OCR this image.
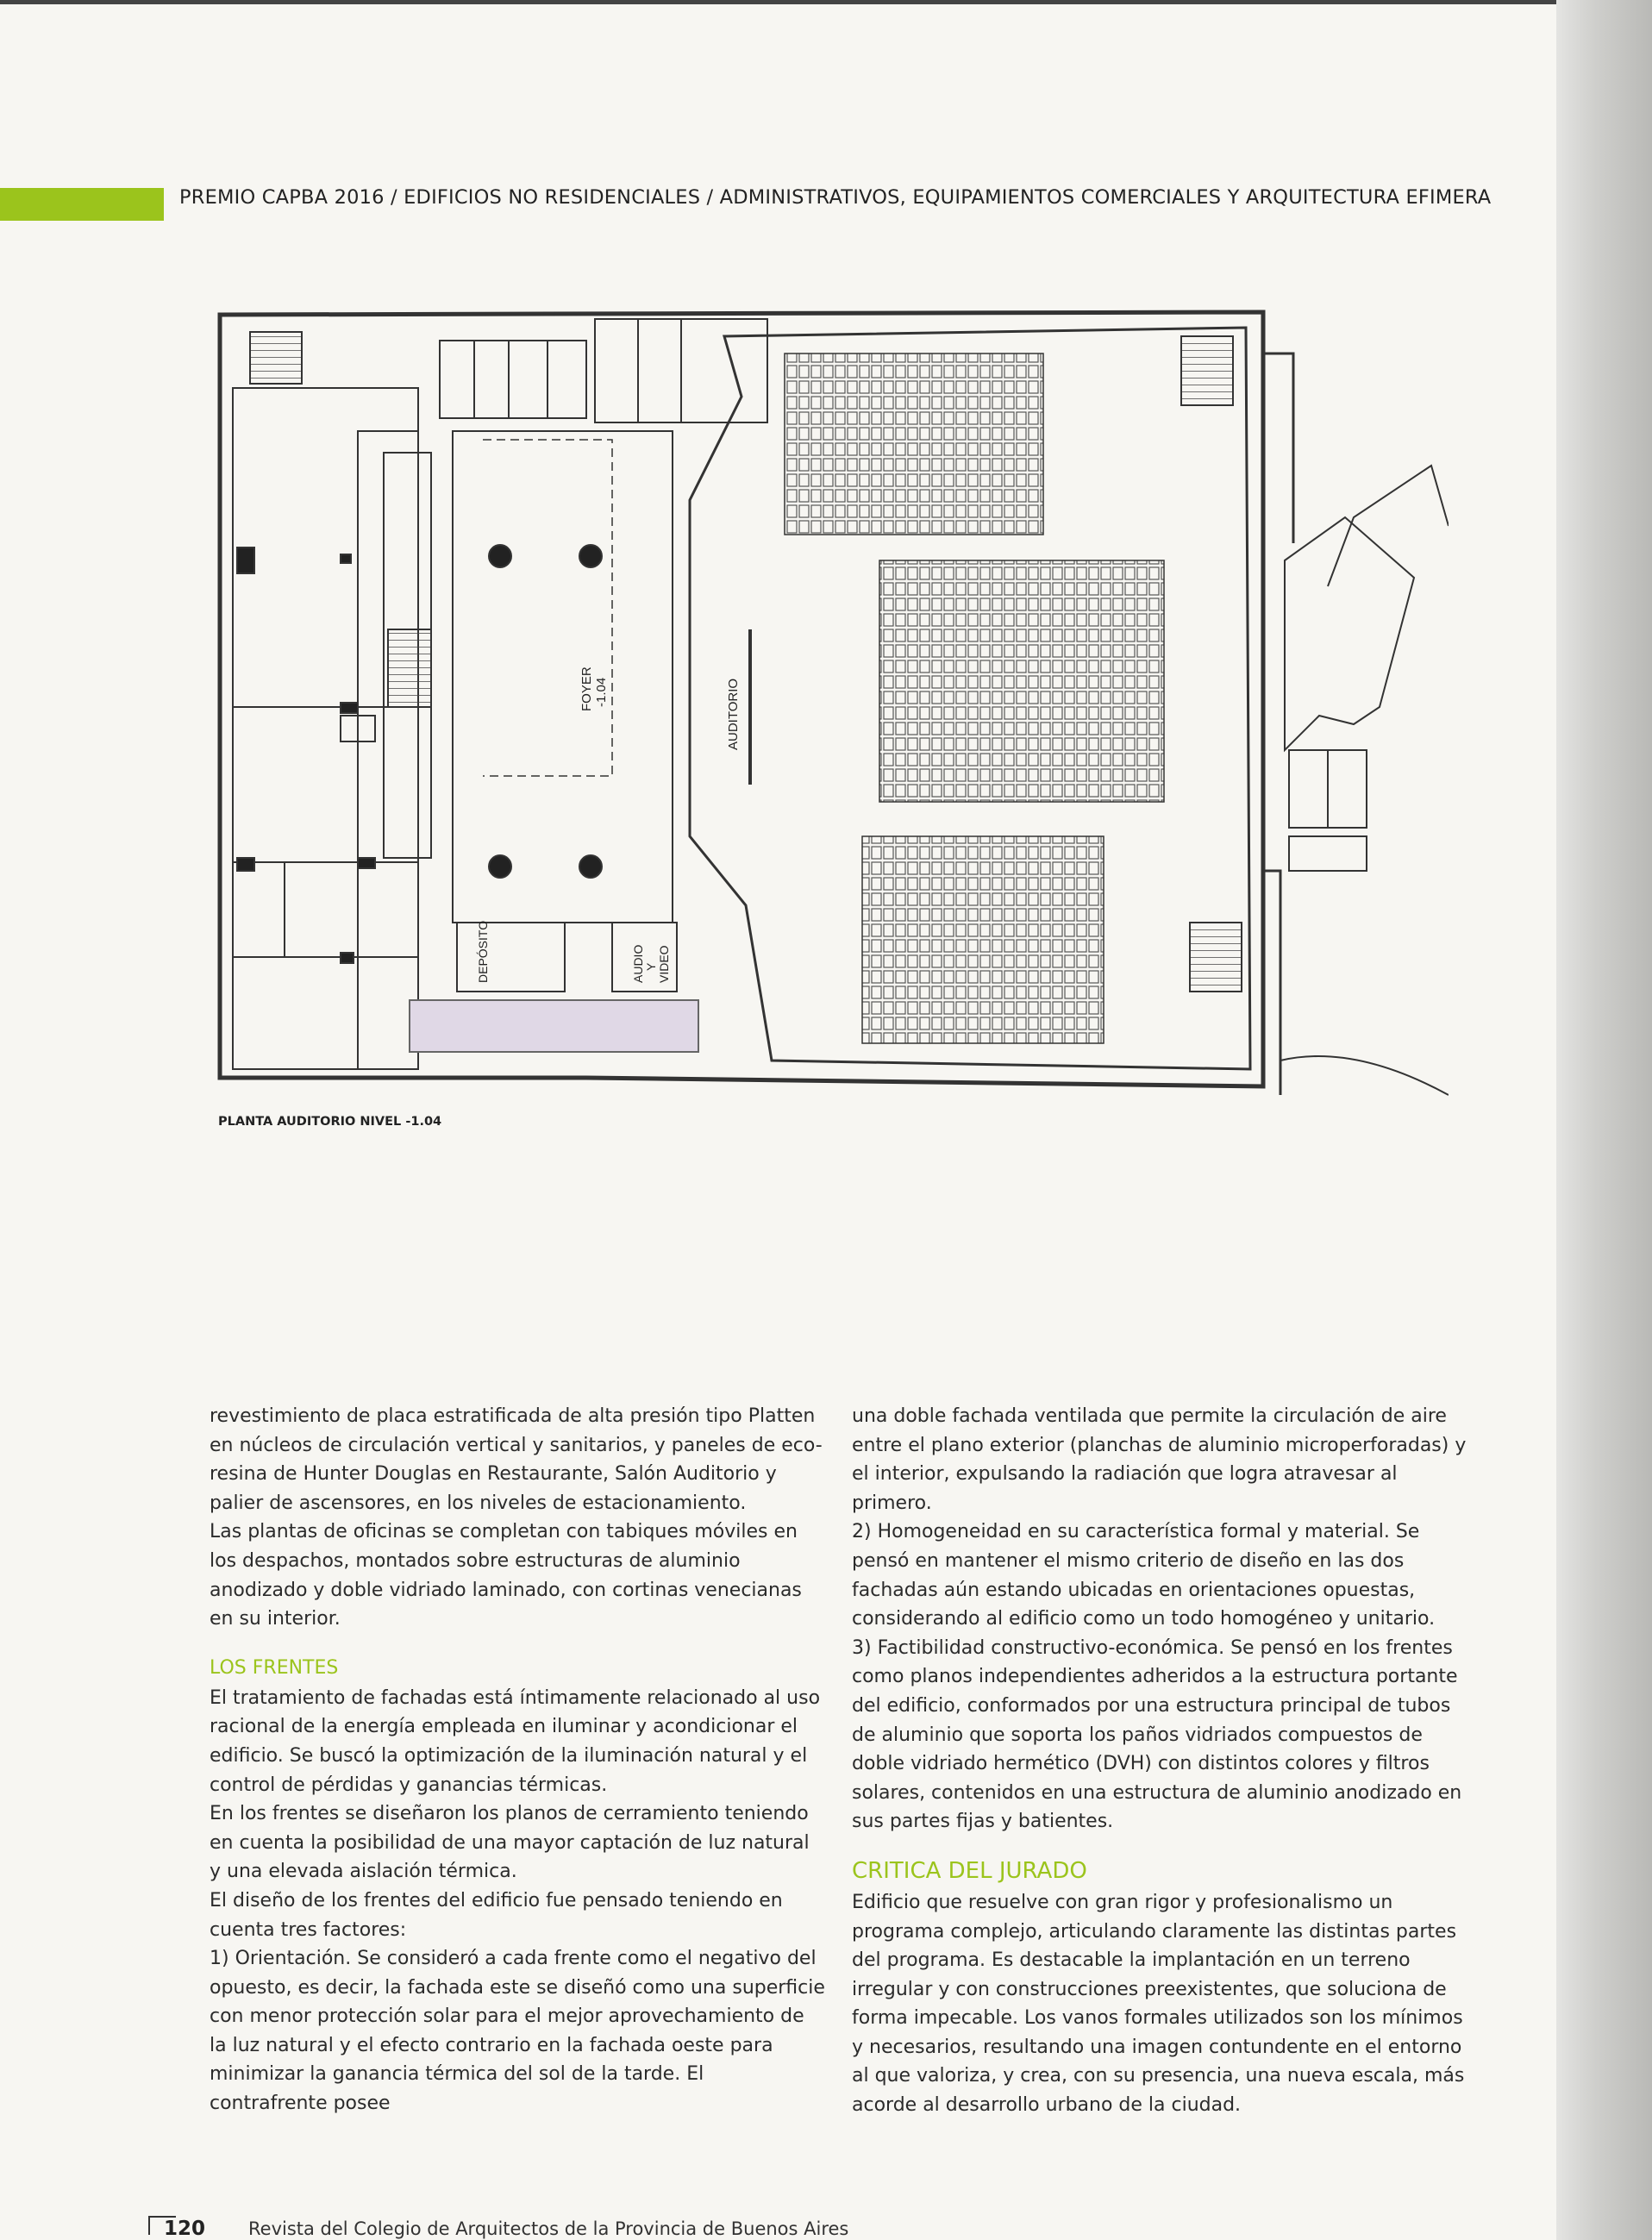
PREMIO CAPBA 2016 / EDIFICIOS NO RESIDENCIALES / ADMINISTRATIVOS, EQUIPAMIENTOS COMERCIALES Y ARQUITECTURA EFIMERA
FOYER -1.04
DEPÓSITO	AUDIO Y VIDEO
AUDITORIO
PLANTA AUDITORIO NIVEL -1.04

revestimiento de placa estratificada de alta presión tipo Platten en núcleos de circulación vertical y sanitarios, y paneles de eco-resina de Hunter Douglas en Restaurante, Salón Auditorio y palier de ascensores, en los niveles de estacionamiento.

Las plantas de oficinas se completan con tabiques móviles en los despachos, montados sobre estructuras de aluminio anodizado y doble vidriado laminado, con cortinas venecianas en su interior.

LOS FRENTES

El tratamiento de fachadas está íntimamente relacionado al uso racional de la energía empleada en iluminar y acondicionar el edificio. Se buscó la optimización de la iluminación natural y el control de pérdidas y ganancias térmicas.

En los frentes se diseñaron los planos de cerramiento teniendo en cuenta la posibilidad de una mayor captación de luz natural y una elevada aislación térmica.

El diseño de los frentes del edificio fue pensado teniendo en cuenta tres factores:

1) Orientación. Se consideró a cada frente como el negativo del opuesto, es decir, la fachada este se diseñó como una superficie con menor protección solar para el mejor aprovechamiento de la luz natural y el efecto contrario en la fachada oeste para minimizar la ganancia térmica del sol de la tarde. El contrafrente posee

una doble fachada ventilada que permite la circulación de aire entre el plano exterior (planchas de aluminio microperforadas) y el interior, expulsando la radiación que logra atravesar al primero.

2) Homogeneidad en su característica formal y material. Se pensó en mantener el mismo criterio de diseño en las dos fachadas aún estando ubicadas en orientaciones opuestas, considerando al edificio como un todo homogéneo y unitario.

3) Factibilidad constructivo-económica. Se pensó en los frentes como planos independientes adheridos a la estructura portante del edificio, conformados por una estructura principal de tubos de aluminio que soporta los paños vidriados compuestos de doble vidriado hermético (DVH) con distintos colores y filtros solares, contenidos en una estructura de aluminio anodizado en sus partes fijas y batientes.

CRITICA DEL JURADO

Edificio que resuelve con gran rigor y profesionalismo un programa complejo, articulando claramente las distintas partes del programa. Es destacable la implantación en un terreno irregular y con construcciones preexistentes, que soluciona de forma impecable. Los vanos formales utilizados son los mínimos y necesarios, resultando una imagen contundente en el entorno al que valoriza, y crea, con su presencia, una nueva escala, más acorde al desarrollo urbano de la ciudad.

120 Revista del Colegio de Arquitectos de la Provincia de Buenos Aires
